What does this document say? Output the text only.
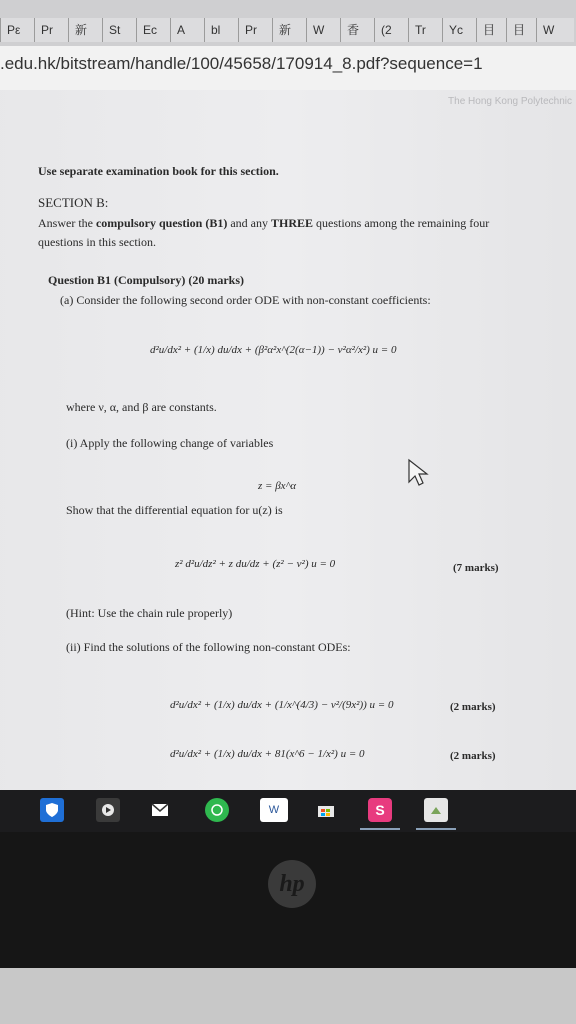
Pε	Pr	新	St	Ec	A	bl	Pr	新	W	香	(2	Tr	Yc	目	目	W
.edu.hk/bitstream/handle/100/45658/170914_8.pdf?sequence=1
The Hong Kong Polytechnic
Use separate examination book for this section.
SECTION B:
Answer the compulsory question (B1) and any THREE questions among the remaining four
questions in this section.
Question B1 (Compulsory) (20 marks)
(a) Consider the following second order ODE with non-constant coefficients:
d²u/dx² + (1/x) du/dx + (β²α²x^(2(α−1)) − ν²α²/x²) u = 0
where ν, α, and β are constants.
(i) Apply the following change of variables
z = βx^α
Show that the differential equation for u(z) is
z² d²u/dz² + z du/dz + (z² − ν²) u = 0	(7 marks)
(Hint: Use the chain rule properly)
(ii) Find the solutions of the following non-constant ODEs:
d²u/dx² + (1/x) du/dx + (1/x^(4/3) − ν²/(9x²)) u = 0	(2 marks)
d²u/dx² + (1/x) du/dx + 81(x^6 − 1/x²) u = 0	(2 marks)
W	S
hp
